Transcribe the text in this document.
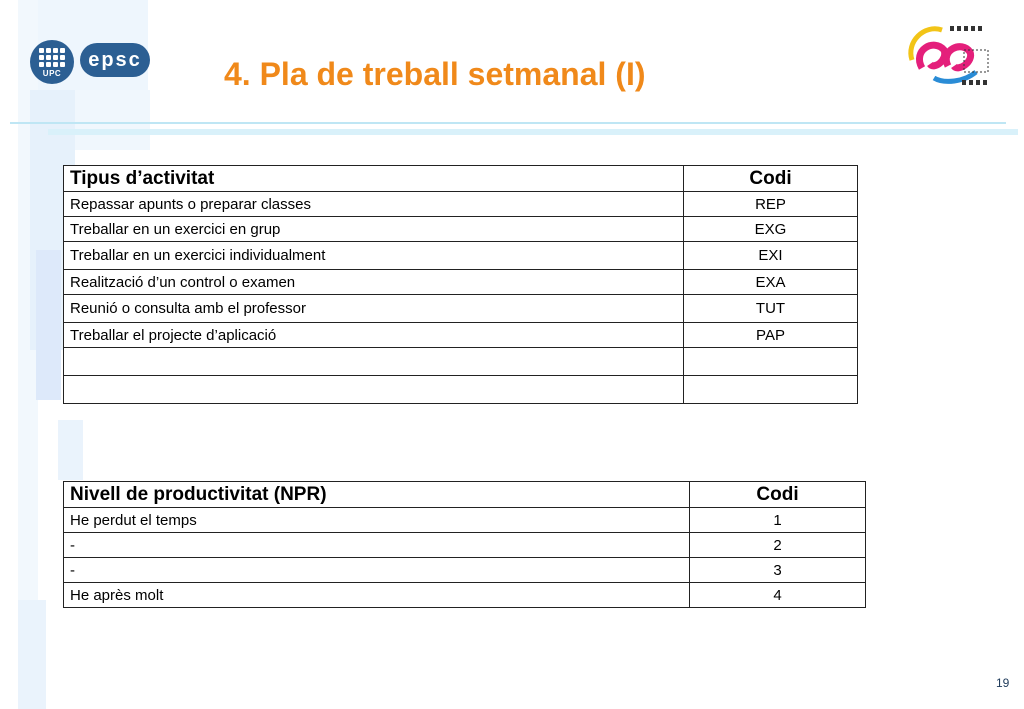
UPC
epsc	4. Pla de treball setmanal (I)
Tipus d’activitat	Codi
Repassar apunts o preparar classes	REP
Treballar en un exercici en grup	EXG
Treballar en un exercici individualment	EXI
Realització d’un control o examen	EXA
Reunió o consulta amb el professor	TUT
Treballar el projecte d’aplicació	PAP

Nivell de productivitat (NPR)	Codi
He perdut el temps	1
-	2
-	3
He après molt	4
19
